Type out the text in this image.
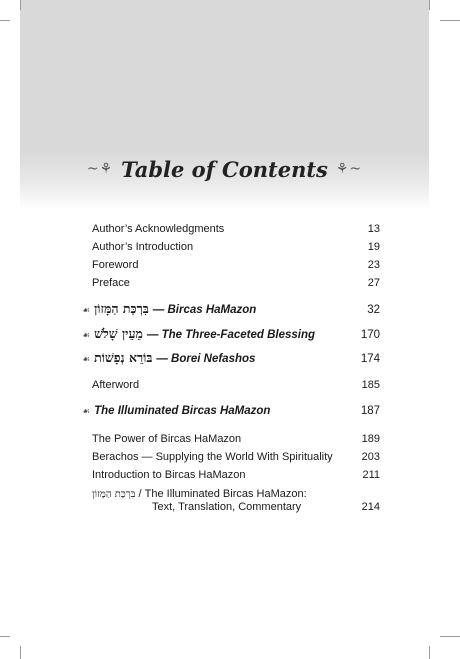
~⚘ Table of Contents ⚘~
Author’s Acknowledgments	13
Author’s Introduction	19
Foreword	23
Preface	27
☙ בִּרְכַּת הַמָּזוֹן — Bircas HaMazon	32
☙ מֵעֵין שָׁלֹשׁ — The Three-Faceted Blessing	170
☙ בּוֹרֵא נְפָשׁוֹת — Borei Nefashos	174
Afterword	185
☙ The Illuminated Bircas HaMazon	187
The Power of Bircas HaMazon	189
Berachos — Supplying the World With Spirituality	203
Introduction to Bircas HaMazon	211
בִּרְכַּת הַמָּזוֹן / The Illuminated Bircas HaMazon:
Text, Translation, Commentary	214
